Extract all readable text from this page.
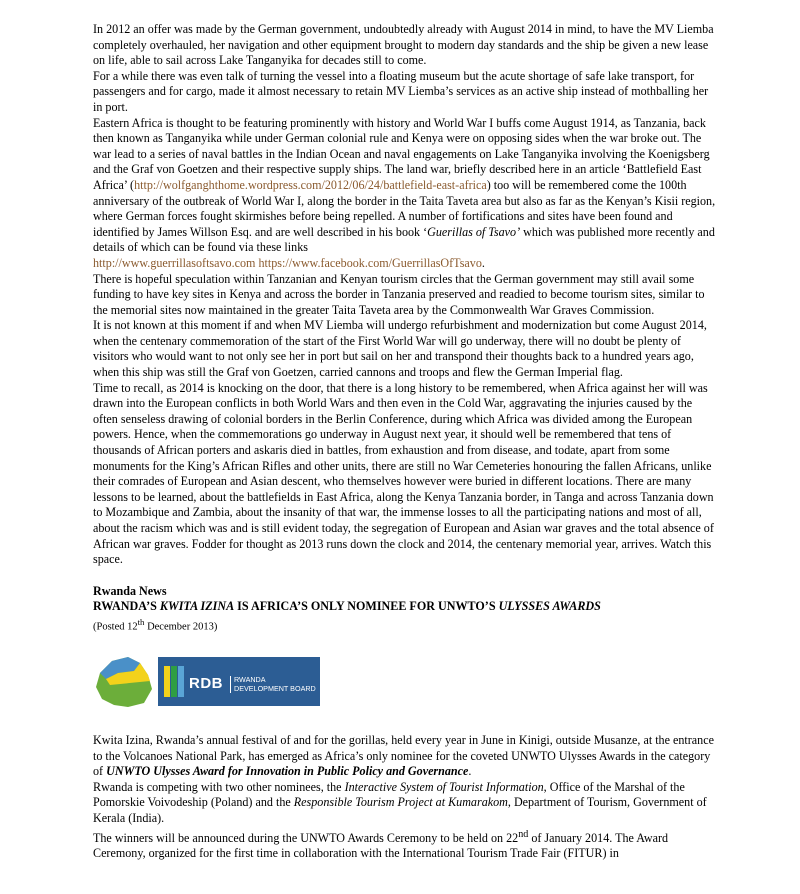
In 2012 an offer was made by the German government, undoubtedly already with August 2014 in mind, to have the MV Liemba completely overhauled, her navigation and other equipment brought to modern day standards and the ship be given a new lease on life, able to sail across Lake Tanganyika for decades still to come.

For a while there was even talk of turning the vessel into a floating museum but the acute shortage of safe lake transport, for passengers and for cargo, made it almost necessary to retain MV Liemba’s services as an active ship instead of mothballing her in port.

Eastern Africa is thought to be featuring prominently with history and World War I buffs come August 1914, as Tanzania, back then known as Tanganyika while under German colonial rule and Kenya were on opposing sides when the war broke out. The war lead to a series of naval battles in the Indian Ocean and naval engagements on Lake Tanganyika involving the Koenigsberg and the Graf von Goetzen and their respective supply ships. The land war, briefly described here in an article ‘Battlefield East Africa’ (http://wolfganghthome.wordpress.com/2012/06/24/battlefield-east-africa) too will be remembered come the 100th anniversary of the outbreak of World War I, along the border in the Taita Taveta area but also as far as the Kenyan’s Kisii region, where German forces fought skirmishes before being repelled. A number of fortifications and sites have been found and identified by James Willson Esq. and are well described in his book ‘Guerillas of Tsavo’ which was published more recently and details of which can be found via these links
http://www.guerrillasoftsavo.com https://www.facebook.com/GuerrillasOfTsavo.

There is hopeful speculation within Tanzanian and Kenyan tourism circles that the German government may still avail some funding to have key sites in Kenya and across the border in Tanzania preserved and readied to become tourism sites, similar to the memorial sites now maintained in the greater Taita Taveta area by the Commonwealth War Graves Commission.

It is not known at this moment if and when MV Liemba will undergo refurbishment and modernization but come August 2014, when the centenary commemoration of the start of the First World War will go underway, there will no doubt be plenty of visitors who would want to not only see her in port but sail on her and transpond their thoughts back to a hundred years ago, when this ship was still the Graf von Goetzen, carried cannons and troops and flew the German Imperial flag.

Time to recall, as 2014 is knocking on the door, that there is a long history to be remembered, when Africa against her will was drawn into the European conflicts in both World Wars and then even in the Cold War, aggravating the injuries caused by the often senseless drawing of colonial borders in the Berlin Conference, during which Africa was divided among the European powers. Hence, when the commemorations go underway in August next year, it should well be remembered that tens of thousands of African porters and askaris died in battles, from exhaustion and from disease, and todate, apart from some monuments for the King’s African Rifles and other units, there are still no War Cemeteries honouring the fallen Africans, unlike their comrades of European and Asian descent, who themselves however were buried in different locations. There are many lessons to be learned, about the battlefields in East Africa, along the Kenya Tanzania border, in Tanga and across Tanzania down to Mozambique and Zambia, about the insanity of that war, the immense losses to all the participating nations and most of all, about the racism which was and is still evident today, the segregation of European and Asian war graves and the total absence of African war graves. Fodder for thought as 2013 runs down the clock and 2014, the centenary memorial year, arrives. Watch this space.

Rwanda News

RWANDA’S KWITA IZINA IS AFRICA’S ONLY NOMINEE FOR UNWTO’S ULYSSES AWARDS

(Posted 12th December 2013)

RDB	RWANDA
DEVELOPMENT BOARD

Kwita Izina, Rwanda’s annual festival of and for the gorillas, held every year in June in Kinigi, outside Musanze, at the entrance to the Volcanoes National Park, has emerged as Africa’s only nominee for the coveted UNWTO Ulysses Awards in the category of UNWTO Ulysses Award for Innovation in Public Policy and Governance.

Rwanda is competing with two other nominees, the Interactive System of Tourist Information, Office of the Marshal of the Pomorskie Voivodeship (Poland) and the Responsible Tourism Project at Kumarakom, Department of Tourism, Government of Kerala (India).

The winners will be announced during the UNWTO Awards Ceremony to be held on 22nd of January 2014. The Award Ceremony, organized for the first time in collaboration with the International Tourism Trade Fair (FITUR) in
